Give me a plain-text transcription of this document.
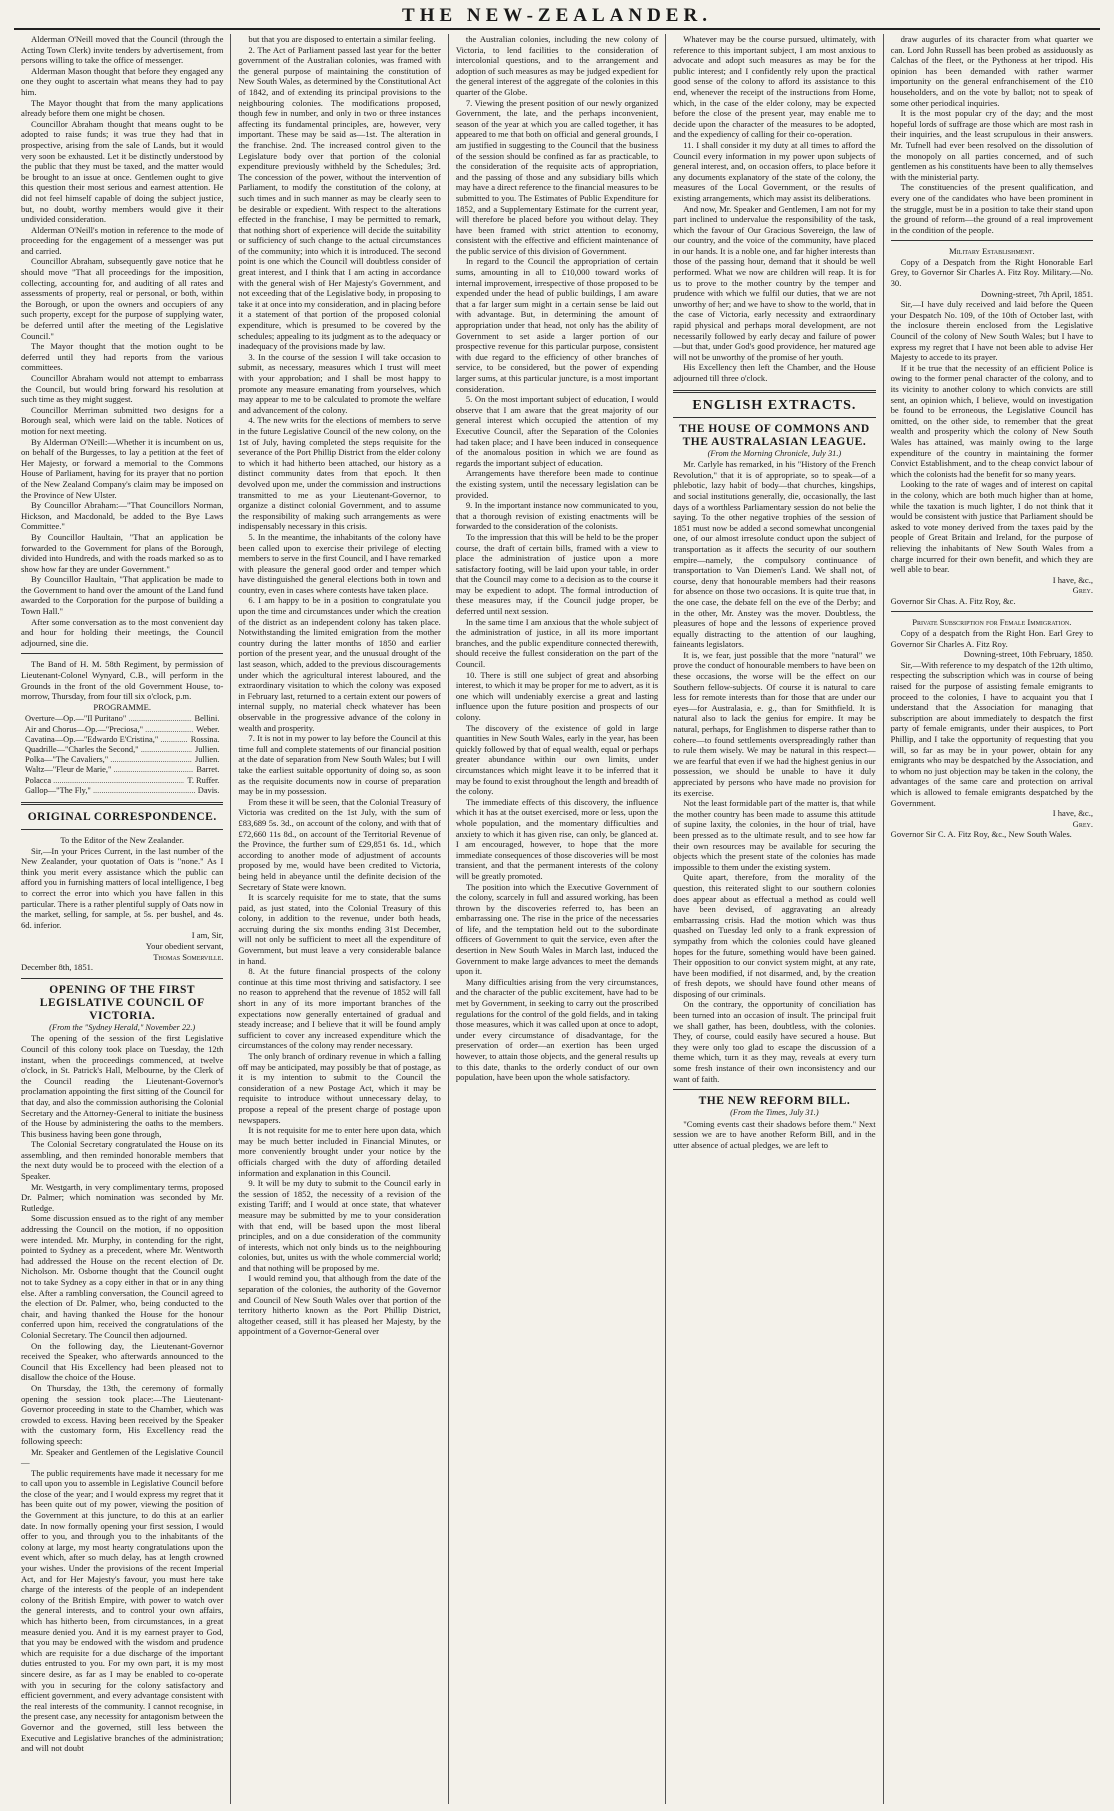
THE NEW-ZEALANDER.

Alderman O'Neill moved that the Council (through the Acting Town Clerk) invite tenders by advertisement, from persons willing to take the office of messenger.

Alderman Mason thought that before they engaged any one they ought to ascertain what means they had to pay him.

The Mayor thought that from the many applications already before them one might be chosen.

Councillor Abraham thought that means ought to be adopted to raise funds; it was true they had that in prospective, arising from the sale of Lands, but it would very soon be exhausted. Let it be distinctly understood by the public that they must be taxed, and the matter would be brought to an issue at once. Gentlemen ought to give this question their most serious and earnest attention. He did not feel himself capable of doing the subject justice, but, no doubt, worthy members would give it their undivided consideration.

Alderman O'Neill's motion in reference to the mode of proceeding for the engagement of a messenger was put and carried.

Councillor Abraham, subsequently gave notice that he should move "That all proceedings for the imposition, collecting, accounting for, and auditing of all rates and assessments of property, real or personal, or both, within the Borough, or upon the owners and occupiers of any such property, except for the purpose of supplying water, be deferred until after the meeting of the Legislative Council."

The Mayor thought that the motion ought to be deferred until they had reports from the various committees.

Councillor Abraham would not attempt to embarrass the Council, but would bring forward his resolution at such time as they might suggest.

Councillor Merriman submitted two designs for a Borough seal, which were laid on the table. Notices of motion for next meeting.

By Alderman O'Neill:—Whether it is incumbent on us, on behalf of the Burgesses, to lay a petition at the feet of Her Majesty, or forward a memorial to the Commons House of Parliament, having for its prayer that no portion of the New Zealand Company's claim may be imposed on the Province of New Ulster.

By Councillor Abraham:—"That Councillors Norman, Hickson, and Macdonald, be added to the Bye Laws Committee."

By Councillor Haultain, "That an application be forwarded to the Government for plans of the Borough, divided into Hundreds, and with the roads marked so as to show how far they are under Government."

By Councillor Haultain, "That application be made to the Government to hand over the amount of the Land fund awarded to the Corporation for the purpose of building a Town Hall."

After some conversation as to the most convenient day and hour for holding their meetings, the Council adjourned, sine die.

The Band of H. M. 58th Regiment, by permission of Lieutenant-Colonel Wynyard, C.B., will perform in the Grounds in the front of the old Government House, to-morrow, Thursday, from four till six o'clock, p.m.

PROGRAMME.

Overture—Op.—"Il Puritano" .....	Bellini.
Air and Chorus—Op.—"Preciosa," .....	Weber.
Cavatina—Op.—"Edwardo E'Cristina," .....	Rossina.
Quadrille—"Charles the Second," .....	Jullien.
Polka—"The Cavaliers," .....	Jullien.
Waltz—"Fleur de Marie," .....	Barret.
Polacca .....	T. Ruffer.
Gallop—"The Fly," .....	Davis.

ORIGINAL CORRESPONDENCE.

To the Editor of the New Zealander.

Sir,—In your Prices Current, in the last number of the New Zealander, your quotation of Oats is "none." As I think you merit every assistance which the public can afford you in furnishing matters of local intelligence, I beg to correct the error into which you have fallen in this particular. There is a rather plentiful supply of Oats now in the market, selling, for sample, at 5s. per bushel, and 4s. 6d. inferior.

I am, Sir,

Your obedient servant,

Thomas Somerville.

December 8th, 1851.

OPENING OF THE FIRST LEGISLATIVE COUNCIL OF VICTORIA.

(From the "Sydney Herald," November 22.)

The opening of the session of the first Legislative Council of this colony took place on Tuesday, the 12th instant, when the proceedings commenced, at twelve o'clock, in St. Patrick's Hall, Melbourne, by the Clerk of the Council reading the Lieutenant-Governor's proclamation appointing the first sitting of the Council for that day, and also the commission authorising the Colonial Secretary and the Attorney-General to initiate the business of the House by administering the oaths to the members. This business having been gone through,

The Colonial Secretary congratulated the House on its assembling, and then reminded honorable members that the next duty would be to proceed with the election of a Speaker.

Mr. Westgarth, in very complimentary terms, proposed Dr. Palmer; which nomination was seconded by Mr. Rutledge.

Some discussion ensued as to the right of any member addressing the Council on the motion, if no opposition were intended. Mr. Murphy, in contending for the right, pointed to Sydney as a precedent, where Mr. Wentworth had addressed the House on the recent election of Dr. Nicholson. Mr. Osborne thought that the Council ought not to take Sydney as a copy either in that or in any thing else. After a rambling conversation, the Council agreed to the election of Dr. Palmer, who, being conducted to the chair, and having thanked the House for the honour conferred upon him, received the congratulations of the Colonial Secretary. The Council then adjourned.

On the following day, the Lieutenant-Governor received the Speaker, who afterwards announced to the Council that His Excellency had been pleased not to disallow the choice of the House.

On Thursday, the 13th, the ceremony of formally opening the session took place:—The Lieutenant-Governor proceeding in state to the Chamber, which was crowded to excess. Having been received by the Speaker with the customary form, His Excellency read the following speech:

Mr. Speaker and Gentlemen of the Legislative Council—

The public requirements have made it necessary for me to call upon you to assemble in Legislative Council before the close of the year; and I would express my regret that it has been quite out of my power, viewing the position of the Government at this juncture, to do this at an earlier date. In now formally opening your first session, I would offer to you, and through you to the inhabitants of the colony at large, my most hearty congratulations upon the event which, after so much delay, has at length crowned your wishes. Under the provisions of the recent Imperial Act, and for Her Majesty's favour, you must here take charge of the interests of the people of an independent colony of the British Empire, with power to watch over the general interests, and to control your own affairs, which has hitherto been, from circumstances, in a great measure denied you. And it is my earnest prayer to God, that you may be endowed with the wisdom and prudence which are requisite for a due discharge of the important duties entrusted to you. For my own part, it is my most sincere desire, as far as I may be enabled to co-operate with you in securing for the colony satisfactory and efficient government, and every advantage consistent with the real interests of the community. I cannot recognise, in the present case, any necessity for antagonism between the Governor and the governed, still less between the Executive and Legislative branches of the administration; and will not doubt

but that you are disposed to entertain a similar feeling.

2. The Act of Parliament passed last year for the better government of the Australian colonies, was framed with the general purpose of maintaining the constitution of New South Wales, as determined by the Constitutional Act of 1842, and of extending its principal provisions to the neighbouring colonies. The modifications proposed, though few in number, and only in two or three instances affecting its fundamental principles, are, however, very important. These may be said as—1st. The alteration in the franchise. 2nd. The increased control given to the Legislature body over that portion of the colonial expenditure previously withheld by the Schedules; 3rd. The concession of the power, without the intervention of Parliament, to modify the constitution of the colony, at such times and in such manner as may be clearly seen to be desirable or expedient. With respect to the alterations effected in the franchise, I may be permitted to remark, that nothing short of experience will decide the suitability or sufficiency of such change to the actual circumstances of the community; into which it is introduced. The second point is one which the Council will doubtless consider of great interest, and I think that I am acting in accordance with the general wish of Her Majesty's Government, and not exceeding that of the Legislative body, in proposing to take it at once into my consideration, and in placing before it a statement of that portion of the proposed colonial expenditure, which is presumed to be covered by the schedules; appealing to its judgment as to the adequacy or inadequacy of the provisions made by law.

3. In the course of the session I will take occasion to submit, as necessary, measures which I trust will meet with your approbation; and I shall be most happy to promote any measure emanating from yourselves, which may appear to me to be calculated to promote the welfare and advancement of the colony.

4. The new writs for the elections of members to serve in the future Legislative Council of the new colony, on the 1st of July, having completed the steps requisite for the severance of the Port Phillip District from the elder colony to which it had hitherto been attached, our history as a distinct community dates from that epoch. It then devolved upon me, under the commission and instructions transmitted to me as your Lieutenant-Governor, to organize a distinct colonial Government, and to assume the responsibility of making such arrangements as were indispensably necessary in this crisis.

5. In the meantime, the inhabitants of the colony have been called upon to exercise their privilege of electing members to serve in the first Council, and I have remarked with pleasure the general good order and temper which have distinguished the general elections both in town and country, even in cases where contests have taken place.

6. I am happy to be in a position to congratulate you upon the time and circumstances under which the creation of the district as an independent colony has taken place. Notwithstanding the limited emigration from the mother country during the latter months of 1850 and earlier portion of the present year, and the unusual drought of the last season, which, added to the previous discouragements under which the agricultural interest laboured, and the extraordinary visitation to which the colony was exposed in February last, returned to a certain extent our powers of internal supply, no material check whatever has been observable in the progressive advance of the colony in wealth and prosperity.

7. It is not in my power to lay before the Council at this time full and complete statements of our financial position at the date of separation from New South Wales; but I will take the earliest suitable opportunity of doing so, as soon as the requisite documents now in course of preparation may be in my possession.

From these it will be seen, that the Colonial Treasury of Victoria was credited on the 1st July, with the sum of £83,689 5s. 3d., on account of the colony, and with that of £72,660 11s 8d., on account of the Territorial Revenue of the Province, the further sum of £29,851 6s. 1d., which according to another mode of adjustment of accounts proposed by me, would have been credited to Victoria, being held in abeyance until the definite decision of the Secretary of State were known.

It is scarcely requisite for me to state, that the sums paid, as just stated, into the Colonial Treasury of this colony, in addition to the revenue, under both heads, accruing during the six months ending 31st December, will not only be sufficient to meet all the expenditure of Government, but must leave a very considerable balance in hand.

8. At the future financial prospects of the colony continue at this time most thriving and satisfactory. I see no reason to apprehend that the revenue of 1852 will fall short in any of its more important branches of the expectations now generally entertained of gradual and steady increase; and I believe that it will be found amply sufficient to cover any increased expenditure which the circumstances of the colony may render necessary.

The only branch of ordinary revenue in which a falling off may be anticipated, may possibly be that of postage, as it is my intention to submit to the Council the consideration of a new Postage Act, which it may be requisite to introduce without unnecessary delay, to propose a repeal of the present charge of postage upon newspapers.

It is not requisite for me to enter here upon data, which may be much better included in Financial Minutes, or more conveniently brought under your notice by the officials charged with the duty of affording detailed information and explanation in this Council.

9. It will be my duty to submit to the Council early in the session of 1852, the necessity of a revision of the existing Tariff; and I would at once state, that whatever measure may be submitted by me to your consideration with that end, will be based upon the most liberal principles, and on a due consideration of the community of interests, which not only binds us to the neighbouring colonies, but, unites us with the whole commercial world; and that nothing will be proposed by me.

I would remind you, that although from the date of the separation of the colonies, the authority of the Governor and Council of New South Wales over that portion of the territory hitherto known as the Port Phillip District, altogether ceased, still it has pleased her Majesty, by the appointment of a Governor-General over

the Australian colonies, including the new colony of Victoria, to lend facilities to the consideration of intercolonial questions, and to the arrangement and adoption of such measures as may be judged expedient for the general interest of the aggregate of the colonies in this quarter of the Globe.

7. Viewing the present position of our newly organized Government, the late, and the perhaps inconvenient, season of the year at which you are called together, it has appeared to me that both on official and general grounds, I am justified in suggesting to the Council that the business of the session should be confined as far as practicable, to the consideration of the requisite acts of appropriation, and the passing of those and any subsidiary bills which may have a direct reference to the financial measures to be submitted to you. The Estimates of Public Expenditure for 1852, and a Supplementary Estimate for the current year, will therefore be placed before you without delay. They have been framed with strict attention to economy, consistent with the effective and efficient maintenance of the public service of this division of Government.

In regard to the Council the appropriation of certain sums, amounting in all to £10,000 toward works of internal improvement, irrespective of those proposed to be expended under the head of public buildings, I am aware that a far larger sum might in a certain sense be laid out with advantage. But, in determining the amount of appropriation under that head, not only has the ability of Government to set aside a larger portion of our prospective revenue for this particular purpose, consistent with due regard to the efficiency of other branches of service, to be considered, but the power of expending larger sums, at this particular juncture, is a most important consideration.

5. On the most important subject of education, I would observe that I am aware that the great majority of our general interest which occupied the attention of my Executive Council, after the Separation of the Colonies had taken place; and I have been induced in consequence of the anomalous position in which we are found as regards the important subject of education.

Arrangements have therefore been made to continue the existing system, until the necessary legislation can be provided.

9. In the important instance now communicated to you, that a thorough revision of existing enactments will be forwarded to the consideration of the colonists.

To the impression that this will be held to be the proper course, the draft of certain bills, framed with a view to place the administration of justice upon a more satisfactory footing, will be laid upon your table, in order that the Council may come to a decision as to the course it may be expedient to adopt. The formal introduction of these measures may, if the Council judge proper, be deferred until next session.

In the same time I am anxious that the whole subject of the administration of justice, in all its more important branches, and the public expenditure connected therewith, should receive the fullest consideration on the part of the Council.

10. There is still one subject of great and absorbing interest, to which it may be proper for me to advert, as it is one which will undeniably exercise a great and lasting influence upon the future position and prospects of our colony.

The discovery of the existence of gold in large quantities in New South Wales, early in the year, has been quickly followed by that of equal wealth, equal or perhaps greater abundance within our own limits, under circumstances which might leave it to be inferred that it may be found to exist throughout the length and breadth of the colony.

The immediate effects of this discovery, the influence which it has at the outset exercised, more or less, upon the whole population, and the momentary difficulties and anxiety to which it has given rise, can only, be glanced at. I am encouraged, however, to hope that the more immediate consequences of those discoveries will be most transient, and that the permanent interests of the colony will be greatly promoted.

The position into which the Executive Government of the colony, scarcely in full and assured working, has been thrown by the discoveries referred to, has been an embarrassing one. The rise in the price of the necessaries of life, and the temptation held out to the subordinate officers of Government to quit the service, even after the desertion in New South Wales in March last, induced the Government to make large advances to meet the demands upon it.

Many difficulties arising from the very circumstances, and the character of the public excitement, have had to be met by Government, in seeking to carry out the proscribed regulations for the control of the gold fields, and in taking those measures, which it was called upon at once to adopt, under every circumstance of disadvantage, for the preservation of order—an exertion has been urged however, to attain those objects, and the general results up to this date, thanks to the orderly conduct of our own population, have been upon the whole satisfactory.

Whatever may be the course pursued, ultimately, with reference to this important subject, I am most anxious to advocate and adopt such measures as may be for the public interest; and I confidently rely upon the practical good sense of the colony to afford its assistance to this end, whenever the receipt of the instructions from Home, which, in the case of the elder colony, may be expected before the close of the present year, may enable me to decide upon the character of the measures to be adopted, and the expediency of calling for their co-operation.

11. I shall consider it my duty at all times to afford the Council every information in my power upon subjects of general interest, and, on occasion offers, to place before it any documents explanatory of the state of the colony, the measures of the Local Government, or the results of existing arrangements, which may assist its deliberations.

And now, Mr. Speaker and Gentlemen, I am not for my part inclined to undervalue the responsibility of the task, which the favour of Our Gracious Sovereign, the law of our country, and the voice of the community, have placed in our hands. It is a noble one, and far higher interests than those of the passing hour, demand that it should be well performed. What we now are children will reap. It is for us to prove to the mother country by the temper and prudence with which we fulfil our duties, that we are not unworthy of her; and we have to show to the world, that in the case of Victoria, early necessity and extraordinary rapid physical and perhaps moral development, are not necessarily followed by early decay and failure of power—but that, under God's good providence, her matured age will not be unworthy of the promise of her youth.

His Excellency then left the Chamber, and the House adjourned till three o'clock.

ENGLISH EXTRACTS.

THE HOUSE OF COMMONS AND THE AUSTRALASIAN LEAGUE.

(From the Morning Chronicle, July 31.)

Mr. Carlyle has remarked, in his "History of the French Revolution," that it is of appropriate, so to speak—of a phlebotic, lazy habit of body—that churches, kingships, and social institutions generally, die, occasionally, the last days of a worthless Parliamentary session do not belie the saying. To the other negative trophies of the session of 1851 must now be added a second somewhat uncongenial one, of our almost irresolute conduct upon the subject of transportation as it affects the security of our southern empire—namely, the compulsory continuance of transportation to Van Diemen's Land. We shall not, of course, deny that honourable members had their reasons for absence on those two occasions. It is quite true that, in the one case, the debate fell on the eve of the Derby; and in the other, Mr. Anstey was the mover. Doubtless, the pleasures of hope and the lessons of experience proved equally distracting to the attention of our laughing, faineants legislators.

It is, we fear, just possible that the more "natural" we prove the conduct of honourable members to have been on these occasions, the worse will be the effect on our Southern fellow-subjects. Of course it is natural to care less for remote interests than for those that are under our eyes—for Australasia, e. g., than for Smithfield. It is natural also to lack the genius for empire. It may be natural, perhaps, for Englishmen to disperse rather than to cohere—to found settlements overspreadingly rather than to rule them wisely. We may be natural in this respect—we are fearful that even if we had the highest genius in our possession, we should be unable to have it duly appreciated by persons who have made no provision for its exercise.

Not the least formidable part of the matter is, that while the mother country has been made to assume this attitude of supine laxity, the colonies, in the hour of trial, have been pressed as to the ultimate result, and to see how far their own resources may be available for securing the objects which the present state of the colonies has made impossible to them under the existing system.

Quite apart, therefore, from the morality of the question, this reiterated slight to our southern colonies does appear about as effectual a method as could well have been devised, of aggravating an already embarrassing crisis. Had the motion which was thus quashed on Tuesday led only to a frank expression of sympathy from which the colonies could have gleaned hopes for the future, something would have been gained. Their opposition to our convict system might, at any rate, have been modified, if not disarmed, and, by the creation of fresh depots, we should have found other means of disposing of our criminals.

On the contrary, the opportunity of conciliation has been turned into an occasion of insult. The principal fruit we shall gather, has been, doubtless, with the colonies. They, of course, could easily have secured a house. But they were only too glad to escape the discussion of a theme which, turn it as they may, reveals at every turn some fresh instance of their own inconsistency and our want of faith.

THE NEW REFORM BILL.

(From the Times, July 31.)

"Coming events cast their shadows before them." Next session we are to have another Reform Bill, and in the utter absence of actual pledges, we are left to

draw augurles of its character from what quarter we can. Lord John Russell has been probed as assiduously as Calchas of the fleet, or the Pythoness at her tripod. His opinion has been demanded with rather warmer importunity on the general enfranchisement of the £10 householders, and on the vote by ballot; not to speak of some other periodical inquiries.

It is the most popular cry of the day; and the most hopeful lords of suffrage are those which are most rash in their inquiries, and the least scrupulous in their answers. Mr. Tufnell had ever been resolved on the dissolution of the monopoly on all parties concerned, and of such gentlemen as his constituents have been to ally themselves with the ministerial party.

The constituencies of the present qualification, and every one of the candidates who have been prominent in the struggle, must be in a position to take their stand upon the ground of reform—the ground of a real improvement in the condition of the people.

Military Establishment.

Copy of a Despatch from the Right Honorable Earl Grey, to Governor Sir Charles A. Fitz Roy. Military.—No. 30.

Downing-street, 7th April, 1851.

Sir,—I have duly received and laid before the Queen your Despatch No. 109, of the 10th of October last, with the inclosure therein enclosed from the Legislative Council of the colony of New South Wales; but I have to express my regret that I have not been able to advise Her Majesty to accede to its prayer.

If it be true that the necessity of an efficient Police is owing to the former penal character of the colony, and to its vicinity to another colony to which convicts are still sent, an opinion which, I believe, would on investigation be found to be erroneous, the Legislative Council has omitted, on the other side, to remember that the great wealth and prosperity which the colony of New South Wales has attained, was mainly owing to the large expenditure of the country in maintaining the former Convict Establishment, and to the cheap convict labour of which the colonists had the benefit for so many years.

Looking to the rate of wages and of interest on capital in the colony, which are both much higher than at home, while the taxation is much lighter, I do not think that it would be consistent with justice that Parliament should be asked to vote money derived from the taxes paid by the people of Great Britain and Ireland, for the purpose of relieving the inhabitants of New South Wales from a charge incurred for their own benefit, and which they are well able to bear.

I have, &c.,

Grey.

Governor Sir Chas. A. Fitz Roy, &c.

Private Subscription for Female Immigration.

Copy of a despatch from the Right Hon. Earl Grey to Governor Sir Charles A. Fitz Roy.

Downing-street, 10th February, 1850.

Sir,—With reference to my despatch of the 12th ultimo, respecting the subscription which was in course of being raised for the purpose of assisting female emigrants to proceed to the colonies, I have to acquaint you that I understand that the Association for managing that subscription are about immediately to despatch the first party of female emigrants, under their auspices, to Port Phillip, and I take the opportunity of requesting that you will, so far as may be in your power, obtain for any emigrants who may be despatched by the Association, and to whom no just objection may be taken in the colony, the advantages of the same care and protection on arrival which is allowed to female emigrants despatched by the Government.

I have, &c.,

Grey.

Governor Sir C. A. Fitz Roy, &c., New South Wales.
